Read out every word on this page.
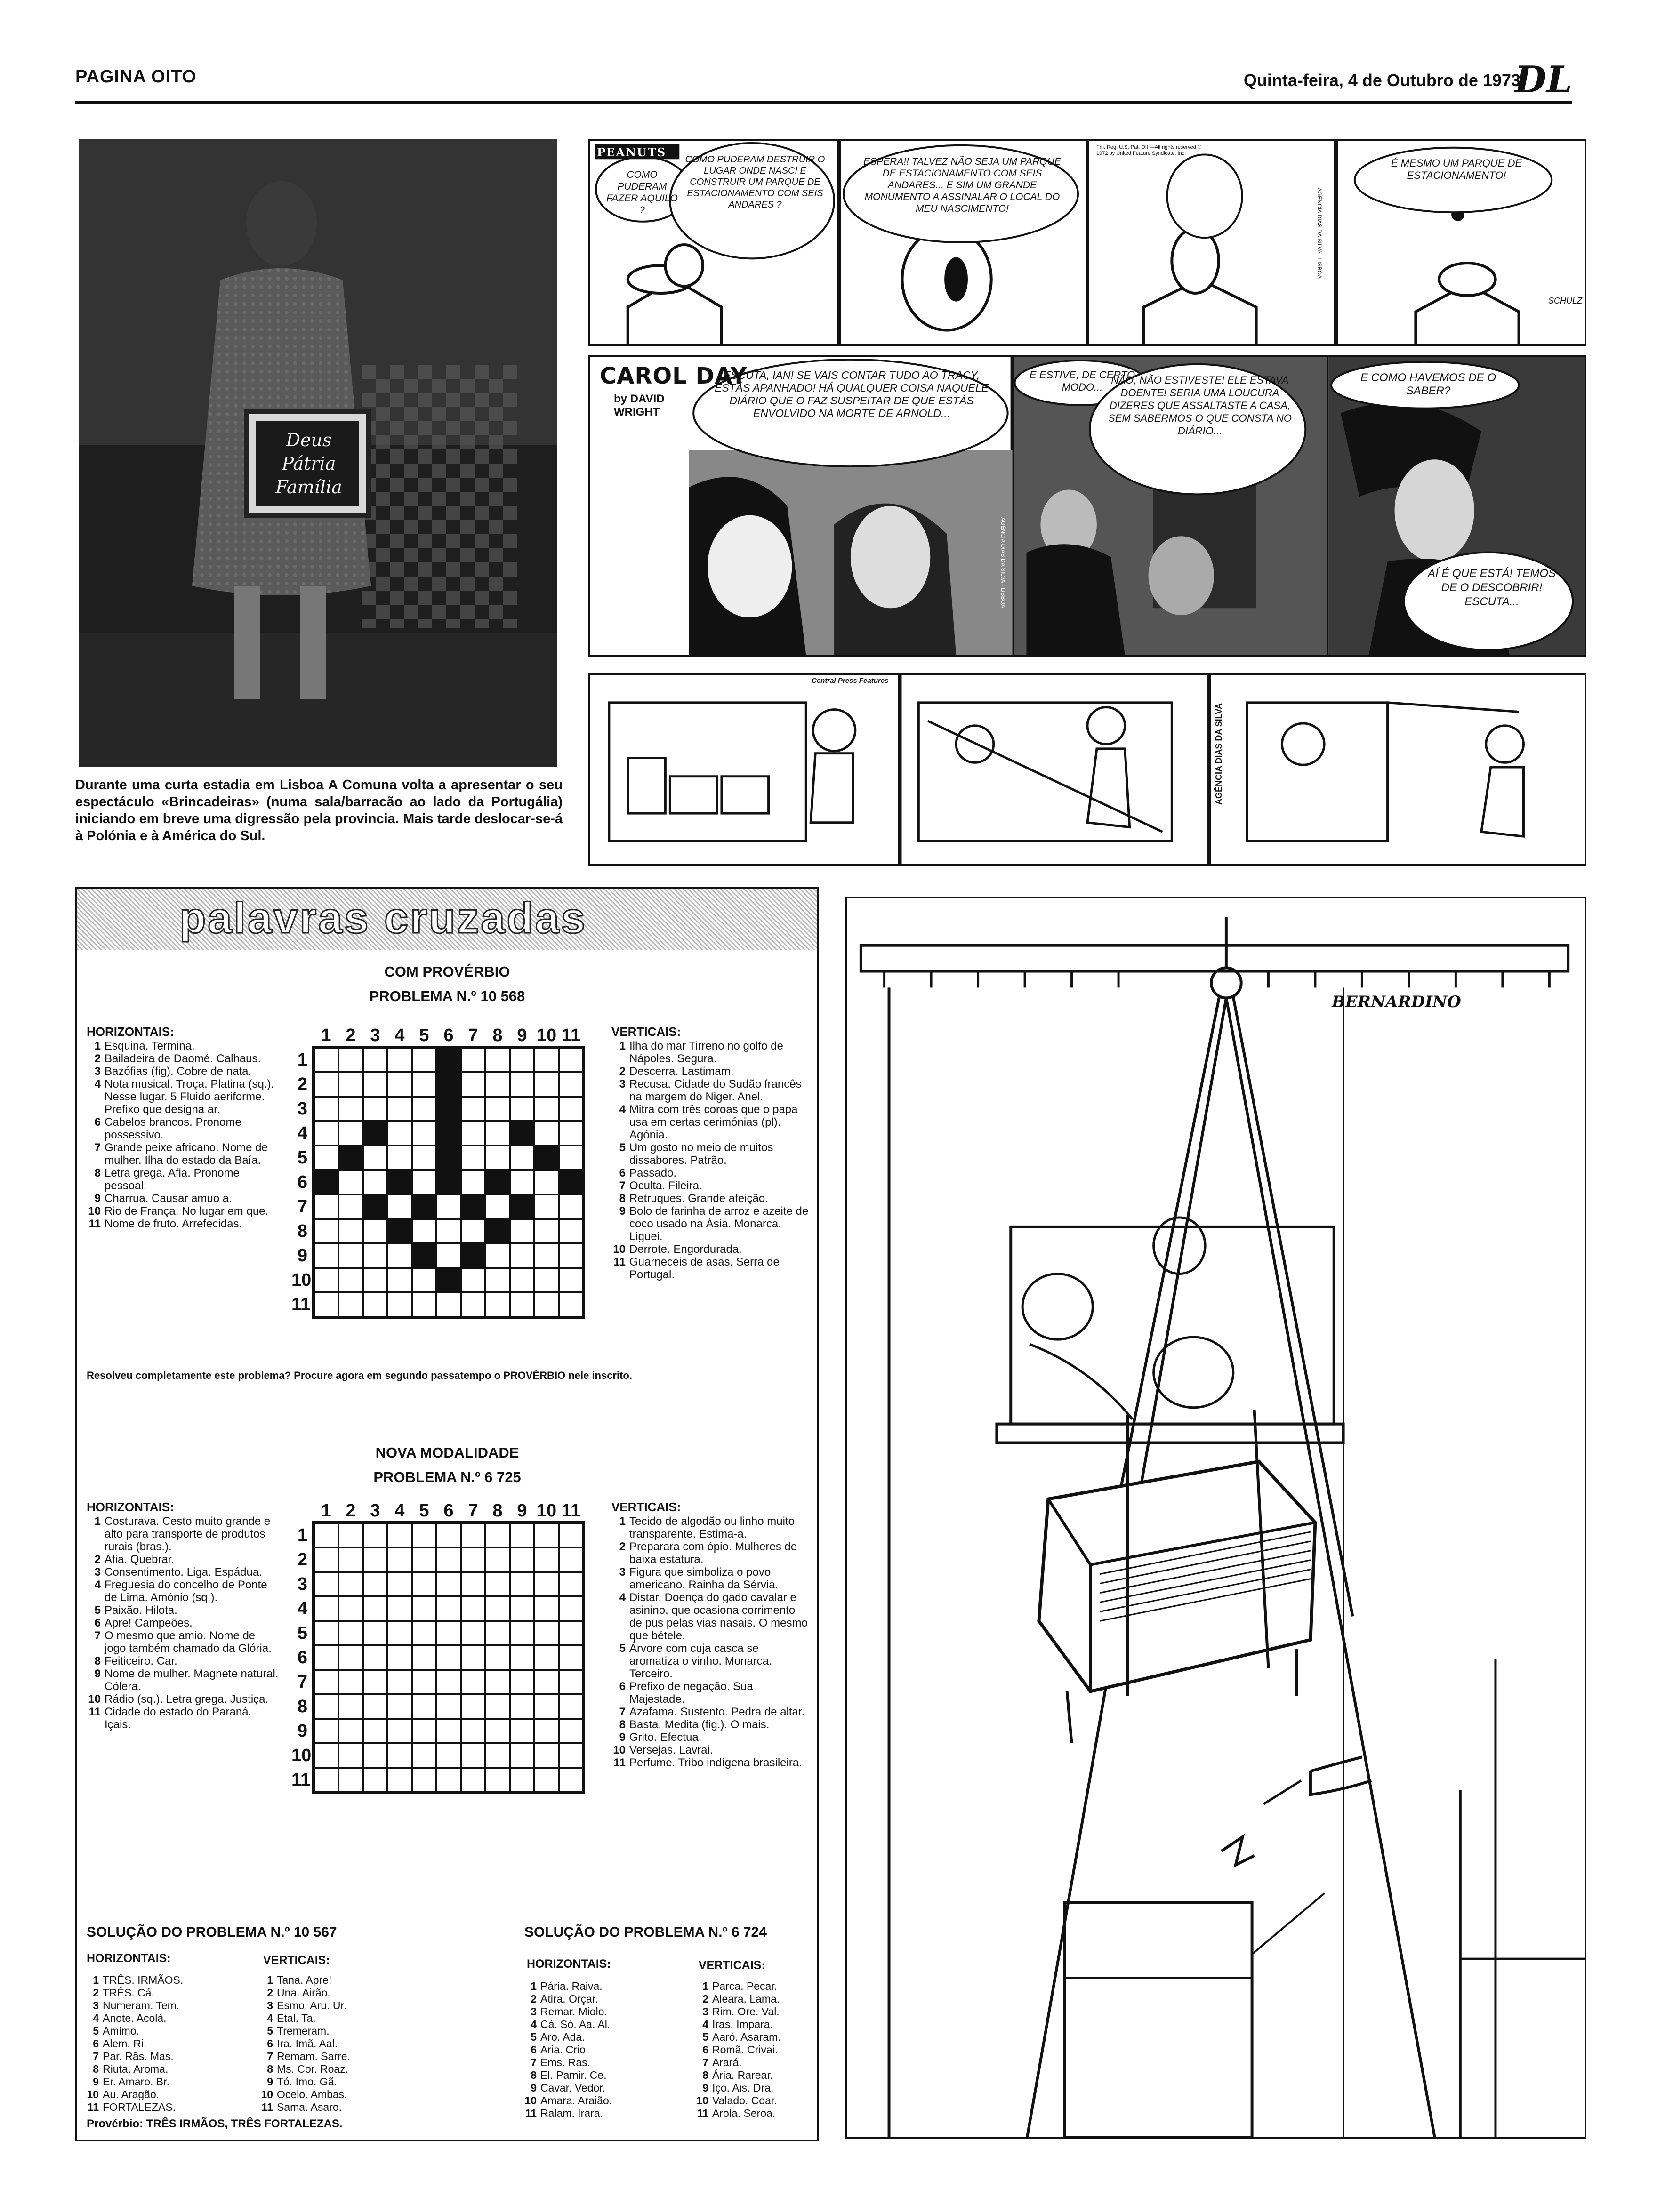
PAGINA OITO	Quinta-feira, 4 de Outubro de 1973
DL
Deus
Pátria
Família
Durante uma curta estadia em Lisboa A Comuna volta a apresentar o seu espectáculo «Brincadeiras» (numa sala/barracão ao lado da Portugália) iniciando em breve uma digressão pela provincia. Mais tarde deslocar-se-á à Polónia e à América do Sul.
PEANUTS
COMO PUDERAM FAZER AQUILO ?
COMO PUDERAM DESTRUIR O LUGAR ONDE NASCI E CONSTRUIR UM PARQUE DE ESTACIONAMENTO COM SEIS ANDARES ?
ESPERA!! TALVEZ NÃO SEJA UM PARQUE DE ESTACIONAMENTO COM SEIS ANDARES... E SIM UM GRANDE MONUMENTO A ASSINALAR O LOCAL DO MEU NASCIMENTO!
Tm. Reg. U.S. Pat. Off.—All rights reserved © 1972 by United Feature Syndicate, Inc.
AGÊNCIA DIAS DA SILVA - LISBOA
É MESMO UM PARQUE DE ESTACIONAMENTO!
SCHULZ
CAROL DAY
by DAVID WRIGHT
ESCUTA, IAN! SE VAIS CONTAR TUDO AO TRACY, ESTÁS APANHADO! HÁ QUALQUER COISA NAQUELE DIÁRIO QUE O FAZ SUSPEITAR DE QUE ESTÁS ENVOLVIDO NA MORTE DE ARNOLD...
E ESTIVE, DE CERTO MODO...
NÃO, NÃO ESTIVESTE! ELE ESTAVA DOENTE! SERIA UMA LOUCURA DIZERES QUE ASSALTASTE A CASA, SEM SABERMOS O QUE CONSTA NO DIÁRIO...
E COMO HAVEMOS DE O SABER?
AÍ É QUE ESTÁ! TEMOS DE O DESCOBRIR! ESCUTA...
AGÊNCIA DIAS DA SILVA - LISBOA
Central Press Features
AGÊNCIA DIAS DA SILVA
palavras cruzadas
COM PROVÉRBIO
PROBLEMA N.º 10 568
HORIZONTAIS:
1 Esquina. Termina.
2 Bailadeira de Daomé. Calhaus.
3 Bazófias (fig). Cobre de nata.
4 Nota musical. Troça. Platina (sq.). Nesse lugar. 5 Fluido aeriforme. Prefixo que designa ar.
6 Cabelos brancos. Pronome possessivo.
7 Grande peixe africano. Nome de mulher. Ilha do estado da Baía.
8 Letra grega. Afia. Pronome pessoal.
9 Charrua. Causar amuo a.
10 Rio de França. No lugar em que.
11 Nome de fruto. Arrefecidas.
1 2 3 4 5 6 7 8 9 10 11
1
2
3
4
5
6
7
8
9
10
11
VERTICAIS:
1 Ilha do mar Tirreno no golfo de Nápoles. Segura.
2 Descerra. Lastimam.
3 Recusa. Cidade do Sudão francês na margem do Niger. Anel.
4 Mitra com três coroas que o papa usa em certas cerimónias (pl). Agónia.
5 Um gosto no meio de muitos dissabores. Patrão.
6 Passado.
7 Oculta. Fileira.
8 Retruques. Grande afeição.
9 Bolo de farinha de arroz e azeite de coco usado na Ásia. Monarca. Liguei.
10 Derrote. Engordurada.
11 Guarneceis de asas. Serra de Portugal.
Resolveu completamente este problema? Procure agora em segundo passatempo o PROVÉRBIO nele inscrito.
NOVA MODALIDADE
PROBLEMA N.º 6 725
HORIZONTAIS:
1 Costurava. Cesto muito grande e alto para transporte de produtos rurais (bras.).
2 Afia. Quebrar.
3 Consentimento. Liga. Espádua.
4 Freguesia do concelho de Ponte de Lima. Amónio (sq.).
5 Paixão. Hilota.
6 Apre! Campeões.
7 O mesmo que amio. Nome de jogo também chamado da Glória.
8 Feiticeiro. Car.
9 Nome de mulher. Magnete natural. Cólera.
10 Rádio (sq.). Letra grega. Justiça.
11 Cidade do estado do Paraná. Içais.
1 2 3 4 5 6 7 8 9 10 11
1
2
3
4
5
6
7
8
9
10
11
VERTICAIS:
1 Tecido de algodão ou linho muito transparente. Estima-a.
2 Preparara com ópio. Mulheres de baixa estatura.
3 Figura que simboliza o povo americano. Rainha da Sérvia.
4 Distar. Doença do gado cavalar e asinino, que ocasiona corrimento de pus pelas vias nasais. O mesmo que bétele.
5 Árvore com cuja casca se aromatiza o vinho. Monarca. Terceiro.
6 Prefixo de negação. Sua Majestade.
7 Azafama. Sustento. Pedra de altar.
8 Basta. Medita (fig.). O mais.
9 Grito. Efectua.
10 Versejas. Lavrai.
11 Perfume. Tribo indígena brasileira.
SOLUÇÃO DO PROBLEMA N.º 10 567
HORIZONTAIS:	VERTICAIS:
1 TRÊS. IRMÃOS.
2 TRÊS. Cá.
3 Numeram. Tem.
4 Anote. Acolá.
5 Amimo.
6 Alem. Ri.
7 Par. Rãs. Mas.
8 Riuta. Aroma.
9 Er. Amaro. Br.
10 Au. Aragão.
11 FORTALEZAS.
1 Tana. Apre!
2 Una. Airão.
3 Esmo. Aru. Ur.
4 Etal. Ta.
5 Tremeram.
6 Ira. Imã. Aal.
7 Remam. Sarre.
8 Ms. Cor. Roaz.
9 Tó. Imo. Gã.
10 Ocelo. Ambas.
11 Sama. Asaro.
Provérbio: TRÊS IRMÃOS, TRÊS FORTALEZAS.
SOLUÇÃO DO PROBLEMA N.º 6 724
HORIZONTAIS:	VERTICAIS:
1 Pária. Raiva.
2 Atira. Orçar.
3 Remar. Miolo.
4 Cá. Só. Aa. Al.
5 Aro. Ada.
6 Aria. Crio.
7 Ems. Ras.
8 El. Pamir. Ce.
9 Cavar. Vedor.
10 Amara. Araião.
11 Ralam. Irara.
1 Parca. Pecar.
2 Aleara. Lama.
3 Rim. Ore. Val.
4 Iras. Impara.
5 Aaró. Asaram.
6 Romã. Crivai.
7 Arará.
8 Ária. Rarear.
9 Iço. Ais. Dra.
10 Valado. Coar.
11 Arola. Seroa.
BERNARDINO
